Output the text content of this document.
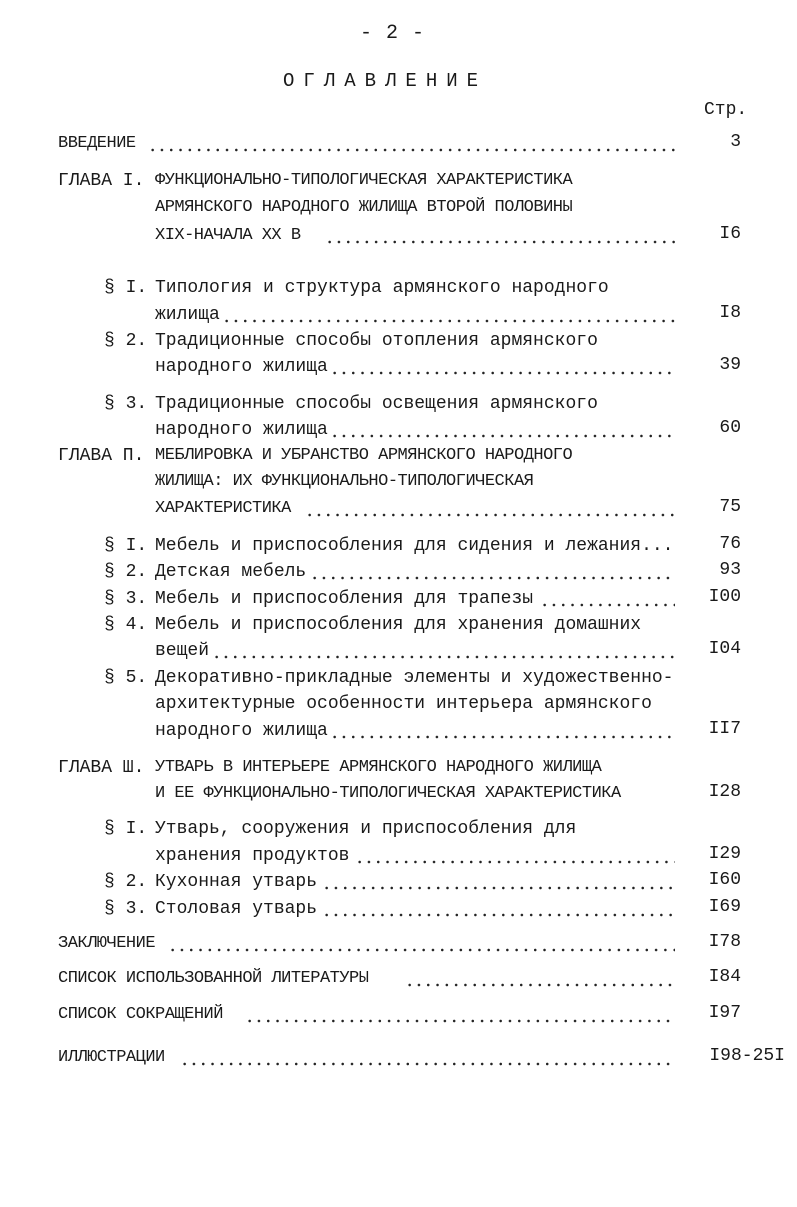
- 2 -
ОГЛАВЛЕНИЕ
Стр.
ВВЕДЕНИЕ	3
ГЛАВА I. ФУНКЦИОНАЛЬНО-ТИПОЛОГИЧЕСКАЯ ХАРАКТЕРИСТИКА
АРМЯНСКОГО НАРОДНОГО ЖИЛИЩА ВТОРОЙ ПОЛОВИНЫ
XIX-НАЧАЛА XX В	I6
§ I. Типология и структура армянского народного
жилища	I8
§ 2. Традиционные способы отопления армянского
народного жилища	39
§ 3. Традиционные способы освещения армянского
народного жилища	60
ГЛАВА П. МЕБЛИРОВКА И УБРАНСТВО АРМЯНСКОГО НАРОДНОГО
ЖИЛИЩА: ИХ ФУНКЦИОНАЛЬНО-ТИПОЛОГИЧЕСКАЯ
ХАРАКТЕРИСТИКА	75
§ I. Мебель и приспособления для сидения и лежания...	76
§ 2. Детская мебель	93
§ 3. Мебель и приспособления для трапезы	I00
§ 4. Мебель и приспособления для хранения домашних
вещей	I04
§ 5. Декоративно-прикладные элементы и художественно-
архитектурные особенности интерьера армянского
народного жилища	II7
ГЛАВА Ш. УТВАРЬ В ИНТЕРЬЕРЕ АРМЯНСКОГО НАРОДНОГО ЖИЛИЩА
И ЕЕ ФУНКЦИОНАЛЬНО-ТИПОЛОГИЧЕСКАЯ ХАРАКТЕРИСТИКА	I28
§ I. Утварь, сооружения и приспособления для
хранения продуктов	I29
§ 2. Кухонная утварь	I60
§ 3. Столовая утварь	I69
ЗАКЛЮЧЕНИЕ	I78
СПИСОК ИСПОЛЬЗОВАННОЙ ЛИТЕРАТУРЫ	I84
СПИСОК СОКРАЩЕНИЙ	I97
ИЛЛЮСТРАЦИИ	I98-25I
